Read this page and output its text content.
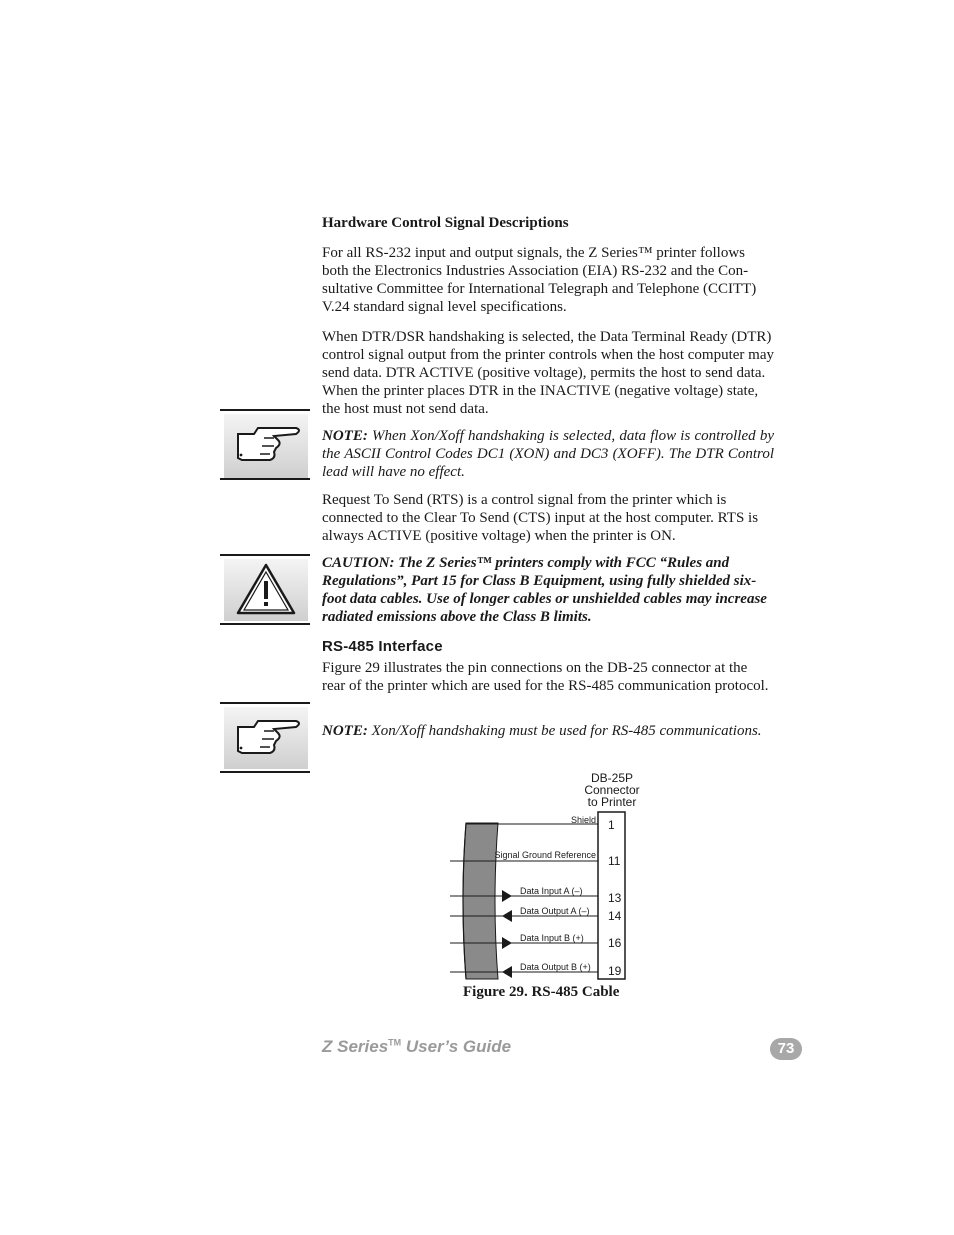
Hardware Control Signal Descriptions

For all RS-232 input and output signals, the Z Series™ printer follows both the Electronics Industries Association (EIA) RS-232 and the Con-sultative Committee for International Telegraph and Telephone (CCITT) V.24 standard signal level specifications.

When DTR/DSR handshaking is selected, the Data Terminal Ready (DTR) control signal output from the printer controls when the host computer may send data. DTR ACTIVE (positive voltage), permits the host to send data. When the printer places DTR in the INACTIVE (negative voltage) state, the host must not send data.

NOTE: When Xon/Xoff handshaking is selected, data flow is controlled by the ASCII Control Codes DC1 (XON) and DC3 (XOFF). The DTR Control lead will have no effect.

Request To Send (RTS) is a control signal from the printer which is connected to the Clear To Send (CTS) input at the host computer. RTS is always ACTIVE (positive voltage) when the printer is ON.

CAUTION: The Z Series™ printers comply with FCC “Rules and Regulations”, Part 15 for Class B Equipment, using fully shielded six-foot data cables. Use of longer cables or unshielded cables may increase radiated emissions above the Class B limits.

RS-485 Interface

Figure 29 illustrates the pin connections on the DB-25 connector at the rear of the printer which are used for the RS-485 communication protocol.

NOTE: Xon/Xoff handshaking must be used for RS-485 communications.

DB-25P
Connector
to Printer
Shield 1
Signal Ground Reference 11
Data Input A (–) 13
Data Output A (–) 14
Data Input B (+) 16
Data Output B (+) 19
Figure 29. RS-485 Cable
Z Series™ User’s Guide	73
